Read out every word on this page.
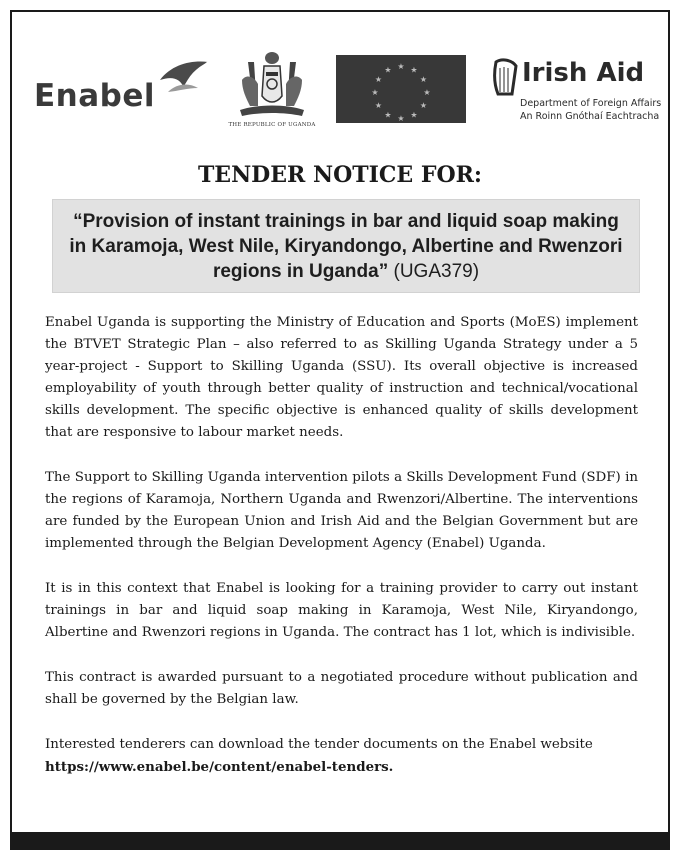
Enabel
THE REPUBLIC OF UGANDA
★ ★
★
★
★
★
★
★
★
★
★
★	Irish Aid
Department of Foreign Affairs
An Roinn Gnóthaí Eachtracha
TENDER NOTICE FOR:
“Provision of instant trainings in bar and liquid soap making
in Karamoja, West Nile, Kiryandongo, Albertine and Rwenzori
regions in Uganda” (UGA379)

Enabel Uganda is supporting the Ministry of Education and Sports (MoES) implement the BTVET Strategic Plan – also referred to as Skilling Uganda Strategy under a 5 year-project - Support to Skilling Uganda (SSU). Its overall objective is increased employability of youth through better quality of instruction and technical/vocational skills development. The specific objective is enhanced quality of skills development that are responsive to labour market needs.

The Support to Skilling Uganda intervention pilots a Skills Development Fund (SDF) in the regions of Karamoja, Northern Uganda and Rwenzori/Albertine. The interventions are funded by the European Union and Irish Aid and the Belgian Government but are implemented through the Belgian Development Agency (Enabel) Uganda.

It is in this context that Enabel is looking for a training provider to carry out instant trainings in bar and liquid soap making in Karamoja, West Nile, Kiryandongo, Albertine and Rwenzori regions in Uganda. The contract has 1 lot, which is indivisible.

This contract is awarded pursuant to a negotiated procedure without publication and shall be governed by the Belgian law.

Interested tenderers can download the tender documents on the Enabel website
https://www.enabel.be/content/enabel-tenders.
